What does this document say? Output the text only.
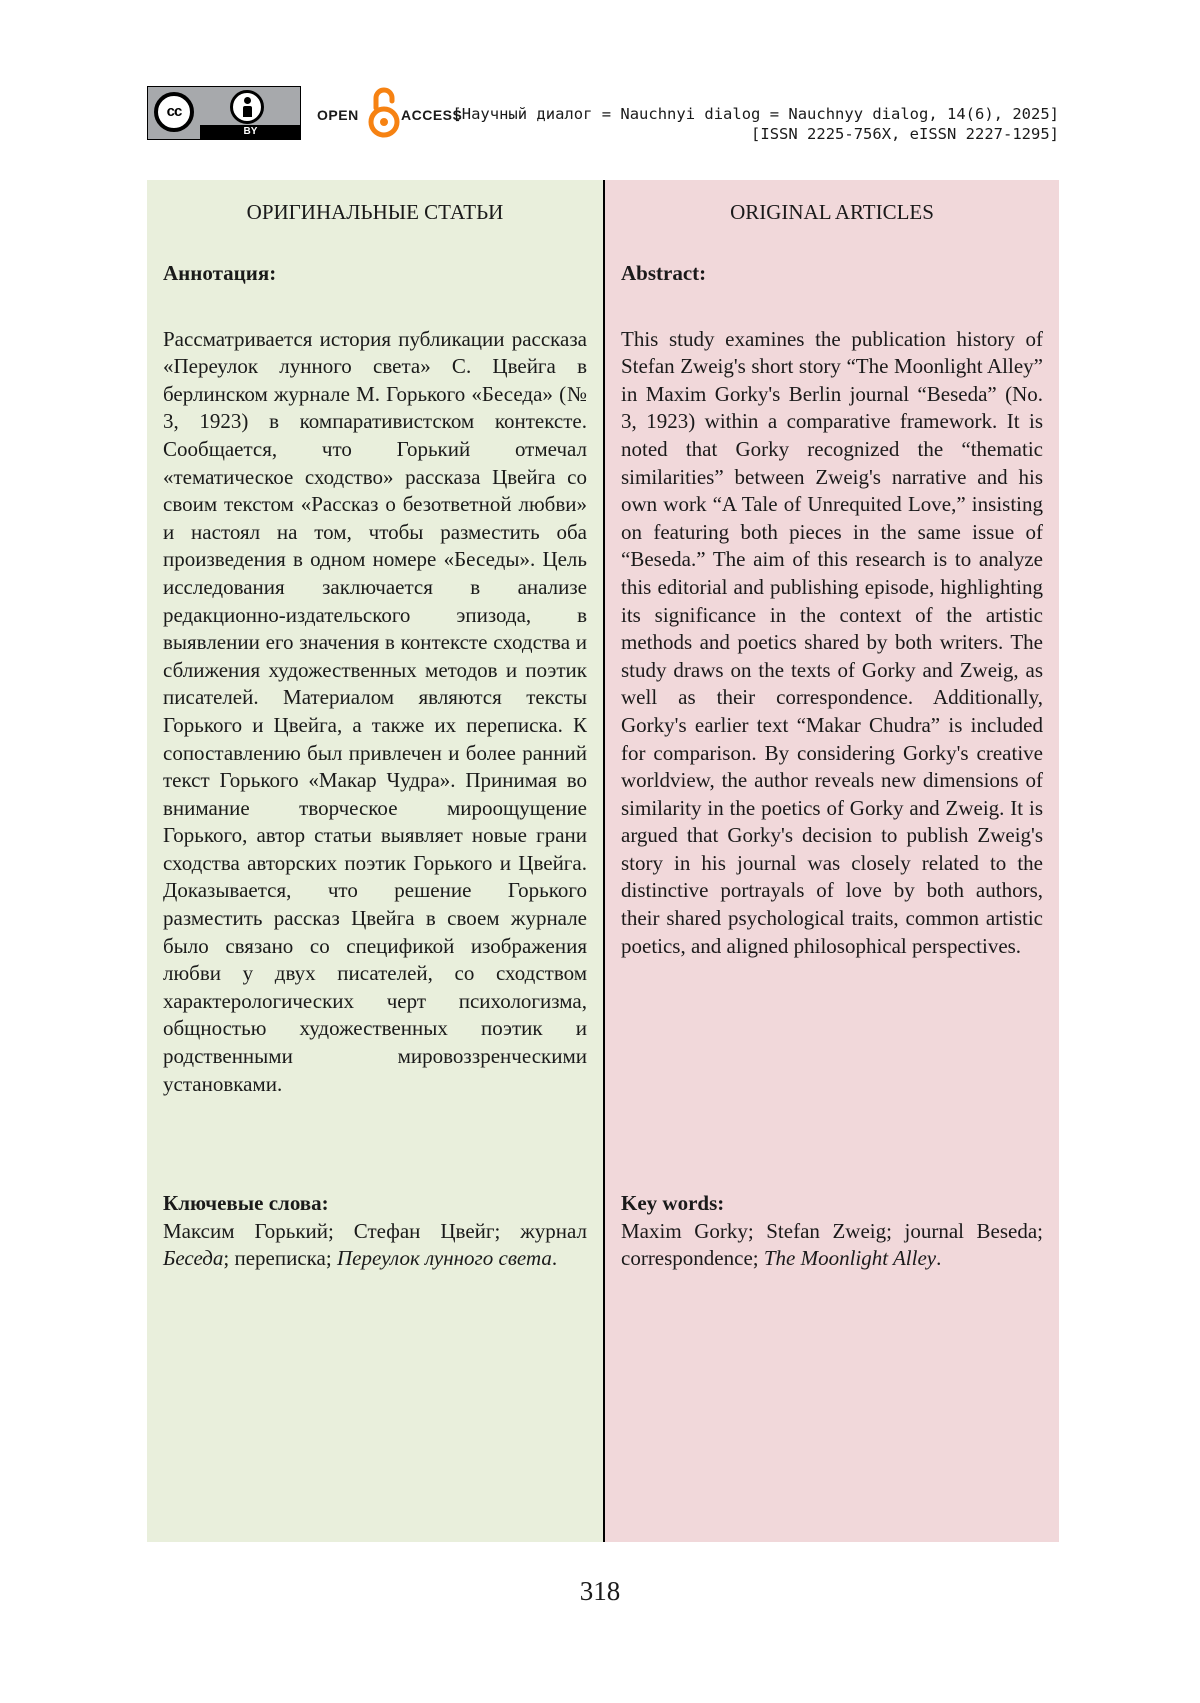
cc
BY
OPEN	ACCESS
[Научный диалог = Nauchnyi dialog = Nauchnyy dialog, 14(6), 2025]
[ISSN 2225-756X, eISSN 2227-1295]
ОРИГИНАЛЬНЫЕ СТАТЬИ
Аннотация:

Рассматривается история публикации рассказа «Переулок лунного света» С. Цвейга в берлинском журнале М. Горького «Беседа» (№ 3, 1923) в компаративистском контексте. Сообщается, что Горький отмечал «тематическое сходство» рассказа Цвейга со своим текстом «Рассказ о безответной любви» и настоял на том, чтобы разместить оба произведения в одном номере «Беседы». Цель исследования заключается в анализе редакционно-издательского эпизода, в выявлении его значения в контексте сходства и сближения художественных методов и поэтик писателей. Материалом являются тексты Горького и Цвейга, а также их переписка. К сопоставлению был привлечен и более ранний текст Горького «Макар Чудра». Принимая во внимание творческое мироощущение Горького, автор статьи выявляет новые грани сходства авторских поэтик Горького и Цвейга. Доказывается, что решение Горького разместить рассказ Цвейга в своем журнале было связано со спецификой изображения любви у двух писателей, со сходством характерологических черт психологизма, общностью художественных поэтик и родственными мировоззренческими установками.

Ключевые слова:
Максим Горький; Стефан Цвейг; журнал Беседа; переписка; Переулок лунного света.
ORIGINAL ARTICLES
Abstract:

This study examines the publication history of Stefan Zweig's short story “The Moonlight Alley” in Maxim Gorky's Berlin journal “Beseda” (No. 3, 1923) within a comparative framework. It is noted that Gorky recognized the “thematic similarities” between Zweig's narrative and his own work “A Tale of Unrequited Love,” insisting on featuring both pieces in the same issue of “Beseda.” The aim of this research is to analyze this editorial and publishing episode, highlighting its significance in the context of the artistic methods and poetics shared by both writers. The study draws on the texts of Gorky and Zweig, as well as their correspondence. Additionally, Gorky's earlier text “Makar Chudra” is included for comparison. By considering Gorky's creative worldview, the author reveals new dimensions of similarity in the poetics of Gorky and Zweig. It is argued that Gorky's decision to publish Zweig's story in his journal was closely related to the distinctive portrayals of love by both authors, their shared psychological traits, common artistic poetics, and aligned philosophical perspectives.

Key words:
Maxim Gorky; Stefan Zweig; journal Beseda; correspondence; The Moonlight Alley.
318
